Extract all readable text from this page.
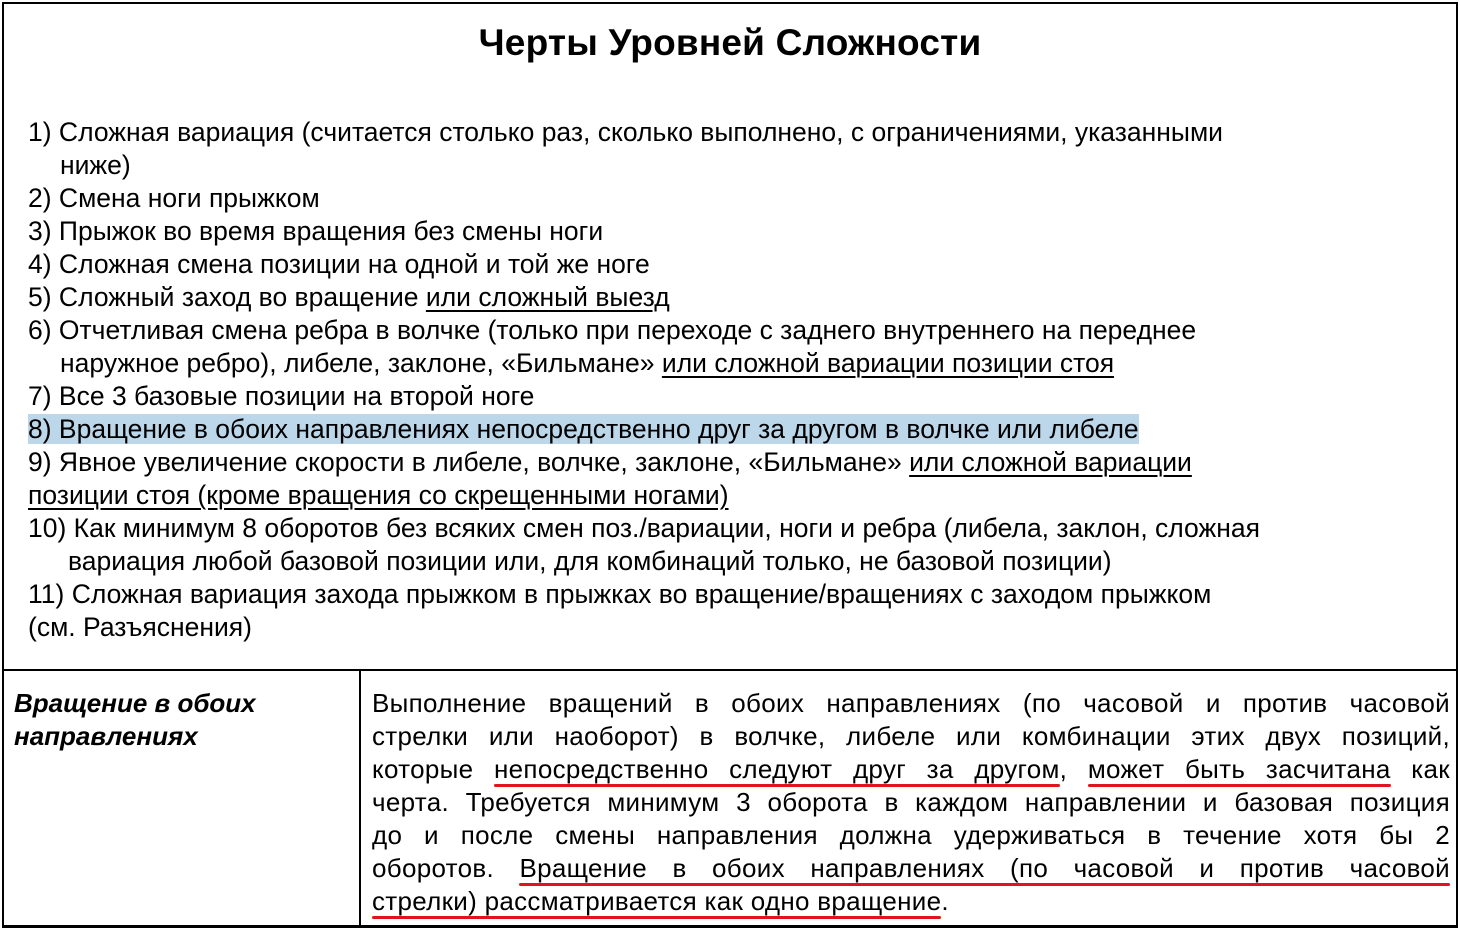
Черты Уровней Сложности
1) Сложная вариация (считается столько раз, сколько выполнено, с ограничениями, указанными
ниже)
2) Смена ноги прыжком
3) Прыжок во время вращения без смены ноги
4) Сложная смена позиции на одной и той же ноге
5) Сложный заход во вращение или сложный выезд
6) Отчетливая смена ребра в волчке (только при переходе с заднего внутреннего на переднее
наружное ребро), либеле, заклоне, «Бильмане» или сложной вариации позиции стоя
7) Все 3 базовые позиции на второй ноге
8) Вращение в обоих направлениях непосредственно друг за другом в волчке или либеле
9) Явное увеличение скорости в либеле, волчке, заклоне, «Бильмане» или сложной вариации
позиции стоя (кроме вращения со скрещенными ногами)
10) Как минимум 8 оборотов без всяких смен поз./вариации, ноги и ребра (либела, заклон, сложная
вариация любой базовой позиции или, для комбинаций только, не базовой позиции)
11) Сложная вариация захода прыжком в прыжках во вращение/вращениях с заходом прыжком
(см. Разъяснения)
Вращение в обоих
направлениях
Выполнение вращений в обоих направлениях (по часовой и против часовой
стрелки или наоборот) в волчке, либеле или комбинации этих двух позиций,
которые непосредственно следуют друг за другом, может быть засчитана как
черта. Требуется минимум 3 оборота в каждом направлении и базовая позиция
до и после смены направления должна удерживаться в течение хотя бы 2
оборотов. Вращение в обоих направлениях (по часовой и против часовой
стрелки) рассматривается как одно вращение.
